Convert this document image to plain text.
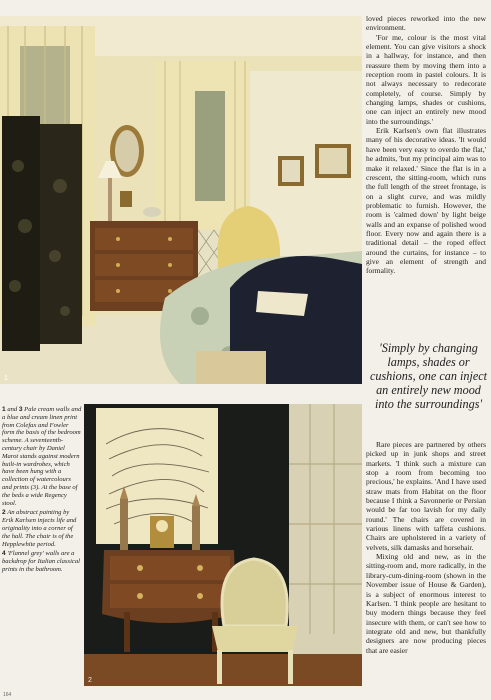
1
2

1 and 3 Pale cream walls and a blue and cream linen print from Colefax and Fowler form the basis of the bedroom scheme. A seventeenth-century chair by Daniel Marot stands against modern built-in wardrobes, which have been hung with a collection of watercolours and prints (3). At the base of the beds a wide Regency stool.

2 An abstract painting by Erik Karlsen injects life and originality into a corner of the hall. The chair is of the Hepplewhite period.

4 'Flannel grey' walls are a backdrop for Italian classical prints in the bathroom.

loved pieces reworked into the new environment.

'For me, colour is the most vital element. You can give visitors a shock in a hallway, for instance, and then reassure them by moving them into a reception room in pastel colours. It is not always necessary to redecorate completely, of course. Simply by changing lamps, shades or cushions, one can inject an entirely new mood into the surroundings.'

Erik Karlsen's own flat illustrates many of his decorative ideas. 'It would have been very easy to overdo the flat,' he admits, 'but my principal aim was to make it relaxed.' Since the flat is in a crescent, the sitting-room, which runs the full length of the street frontage, is on a slight curve, and was mildly problematic to furnish. However, the room is 'calmed down' by light beige walls and an expanse of polished wood floor. Every now and again there is a traditional detail – the roped effect around the curtains, for instance – to give an element of strength and formality.

'Simply by changing lamps, shades or cushions, one can inject an entirely new mood into the surroundings'

Rare pieces are partnered by others picked up in junk shops and street markets. 'I think such a mixture can stop a room from becoming too precious,' he explains. 'And I have used straw mats from Habitat on the floor because I think a Savonnerie or Persian would be far too lavish for my daily round.' The chairs are covered in various linens with taffeta cushions. Chairs are upholstered in a variety of velvets, silk damasks and horsehair.

Mixing old and new, as in the sitting-room and, more radically, in the library-cum-dining-room (shown in the November issue of House & Garden), is a subject of enormous interest to Karlsen. 'I think people are hesitant to buy modern things because they feel insecure with them, or can't see how to integrate old and new, but thankfully designers are now producing pieces that are easier

164
